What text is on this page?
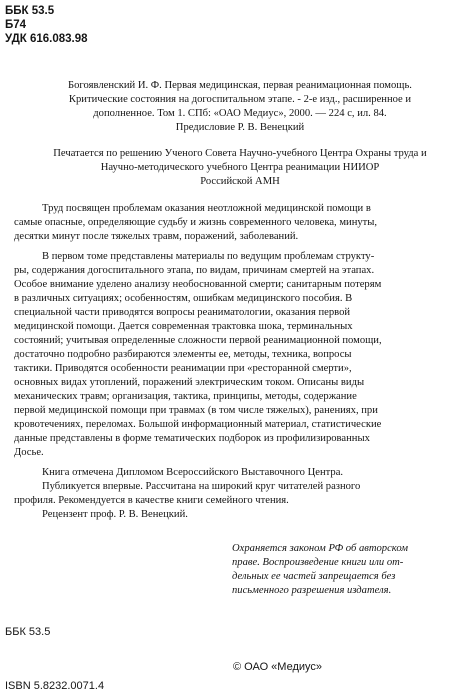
ББК 53.5
Б74
УДК 616.083.98
Богоявленский И. Ф. Первая медицинская, первая реанимационная помощь.
Критические состояния на догоспитальном этапе. - 2-е изд., расширенное и
дополненное. Том 1. СПб: «ОАО Медиус», 2000. — 224 с, ил. 84.
Предисловие Р. В. Венецкий
Печатается по решению Ученого Совета Научно-учебного Центра Охраны труда и
Научно-методического учебного Центра реанимации НИИОР
Российской АМН
Труд посвящен проблемам оказания неотложной медицинской помощи в
самые опасные, определяющие судьбу и жизнь современного человека, минуты,
десятки минут после тяжелых травм, поражений, заболеваний.
В первом томе представлены материалы по ведущим проблемам структу-
ры, содержания догоспитального этапа, по видам, причинам смертей на этапах.
Особое внимание уделено анализу необоснованной смерти; санитарным потерям
в различных ситуациях; особенностям, ошибкам медицинского пособия. В
специальной части приводятся вопросы реаниматологии, оказания первой
медицинской помощи. Дается современная трактовка шока, терминальных
состояний; учитывая определенные сложности первой реанимационной помощи,
достаточно подробно разбираются элементы ее, методы, техника, вопросы
тактики. Приводятся особенности реанимации при «ресторанной смерти»,
основных видах утоплений, поражений электрическим током. Описаны виды
механических травм; организация, тактика, принципы, методы, содержание
первой медицинской помощи при травмах (в том числе тяжелых), ранениях, при
кровотечениях, переломах. Большой информационный материал, статистические
данные представлены в форме тематических подборок из профилизированных
Досье.
Книга отмечена Дипломом Всероссийского Выставочного Центра.
Публикуется впервые. Рассчитана на широкий круг читателей разного
профиля. Рекомендуется в качестве книги семейного чтения.
Рецензент проф. Р. В. Венецкий.
Охраняется законом РФ об авторском
праве. Воспроизведение книги или от-
дельных ее частей запрещается без
письменного разрешения издателя.
ББК 53.5
© ОАО «Медиус»
ISBN 5.8232.0071.4
